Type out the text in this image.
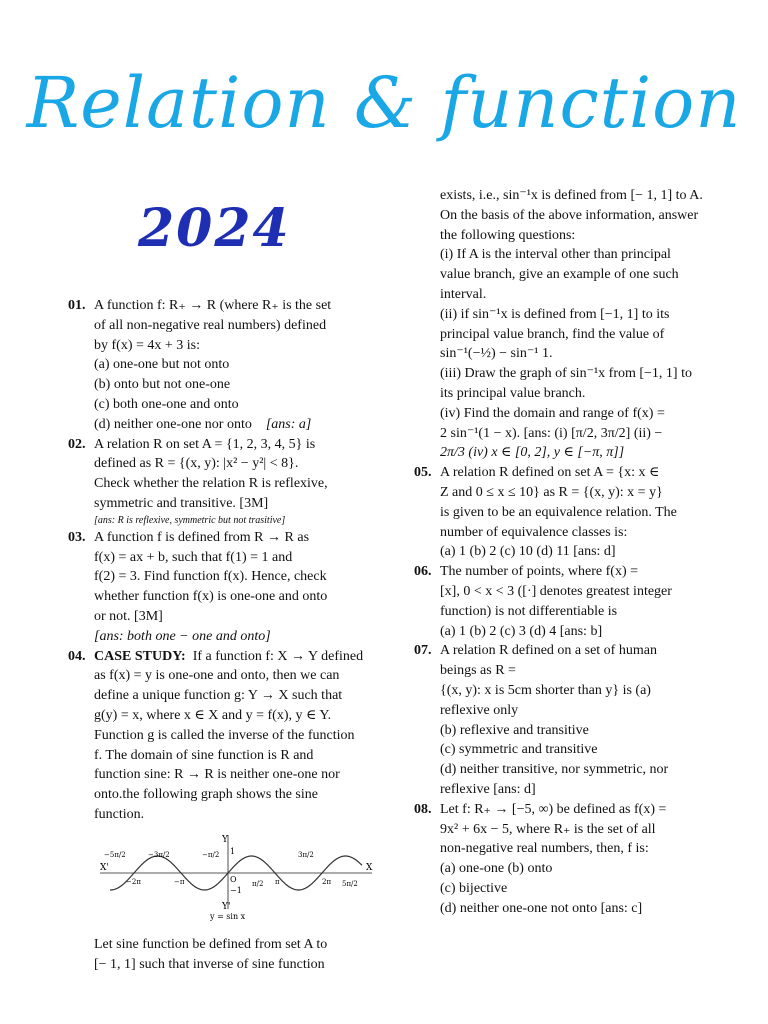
Relation & function
2024
01. A function f: R₊ → R (where R₊ is the set

of all non-negative real numbers) defined

by f(x) = 4x + 3 is:

(a) one-one but not onto
(b) onto but not one-one
(c) both one-one and onto
(d) neither one-one nor onto [ans: a]
02. A relation R on set A = {1, 2, 3, 4, 5} is

defined as R = {(x, y): |x² − y²| < 8}.

Check whether the relation R is reflexive,

symmetric and transitive. [3M]

[ans: R is reflexive, symmetric but not trasitive]

03. A function f is defined from R → R as

f(x) = ax + b, such that f(1) = 1 and

f(2) = 3. Find function f(x). Hence, check

whether function f(x) is one-one and onto

or not. [3M]

[ans: both one − one and onto]

04. CASE STUDY: If a function f: X → Y defined

as f(x) = y is one-one and onto, then we can

define a unique function g: Y → X such that

g(y) = x, where x ∈ X and y = f(x), y ∈ Y.

Function g is called the inverse of the function

f. The domain of sine function is R and

function sine: R → R is neither one-one nor

onto.the following graph shows the sine

function.

X
X'
Y
Y'
O
1
−1
π/2 π
3π/2
2π 5π/2
−π/2
−π
−3π/2
−2π
−5π/2
y = sin x

Let sine function be defined from set A to

[− 1, 1] such that inverse of sine function

exists, i.e., sin⁻¹x is defined from [− 1, 1] to A.

On the basis of the above information, answer

the following questions:

(i) If A is the interval other than principal

value branch, give an example of one such

interval.

(ii) if sin⁻¹x is defined from [−1, 1] to its

principal value branch, find the value of

sin⁻¹(−½) − sin⁻¹ 1.

(iii) Draw the graph of sin⁻¹x from [−1, 1] to

its principal value branch.

(iv) Find the domain and range of f(x) =

2 sin⁻¹(1 − x). [ans: (i) [π/2, 3π/2] (ii) −

2π/3 (iv) x ∈ [0, 2], y ∈ [−π, π]]

05. A relation R defined on set A = {x: x ∈

Z and 0 ≤ x ≤ 10} as R = {(x, y): x = y}

is given to be an equivalence relation. The

number of equivalence classes is:

(a) 1 (b) 2 (c) 10 (d) 11 [ans: d]

06. The number of points, where f(x) =

[x], 0 < x < 3 ([·] denotes greatest integer

function) is not differentiable is

(a) 1 (b) 2 (c) 3 (d) 4 [ans: b]

07. A relation R defined on a set of human

beings as R =

{(x, y): x is 5cm shorter than y} is (a)

reflexive only

(b) reflexive and transitive

(c) symmetric and transitive

(d) neither transitive, nor symmetric, nor

reflexive [ans: d]

08. Let f: R₊ → [−5, ∞) be defined as f(x) =

9x² + 6x − 5, where R₊ is the set of all

non-negative real numbers, then, f is:

(a) one-one (b) onto

(c) bijective

(d) neither one-one not onto [ans: c]
